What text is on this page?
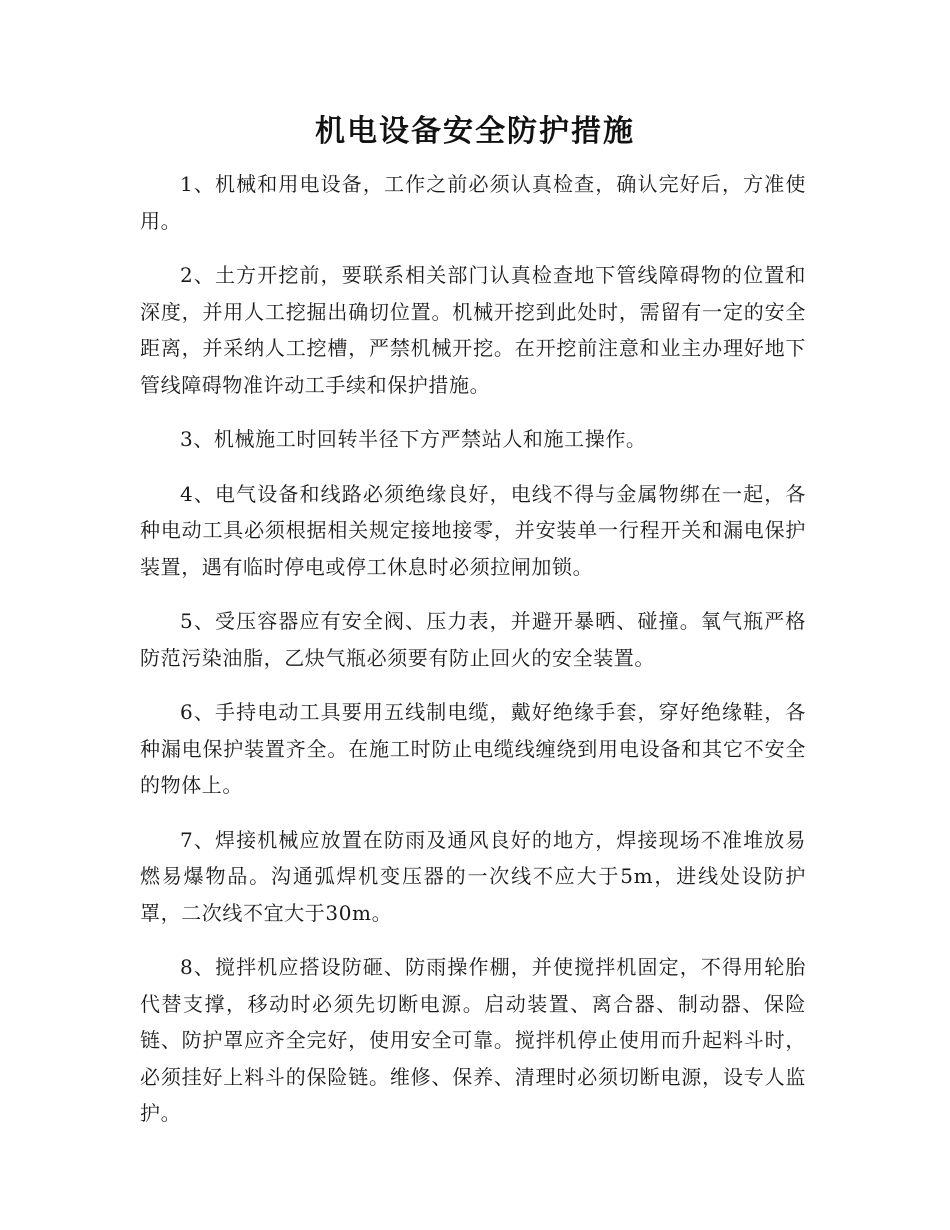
机电设备安全防护措施

1、机械和用电设备，工作之前必须认真检查，确认完好后，方准使用。

2、土方开挖前，要联系相关部门认真检查地下管线障碍物的位置和深度，并用人工挖掘出确切位置。机械开挖到此处时，需留有一定的安全距离，并采纳人工挖槽，严禁机械开挖。在开挖前注意和业主办理好地下管线障碍物准许动工手续和保护措施。

3、机械施工时回转半径下方严禁站人和施工操作。

4、电气设备和线路必须绝缘良好，电线不得与金属物绑在一起，各种电动工具必须根据相关规定接地接零，并安装单一行程开关和漏电保护装置，遇有临时停电或停工休息时必须拉闸加锁。

5、受压容器应有安全阀、压力表，并避开暴晒、碰撞。氧气瓶严格防范污染油脂，乙炔气瓶必须要有防止回火的安全装置。

6、手持电动工具要用五线制电缆，戴好绝缘手套，穿好绝缘鞋，各种漏电保护装置齐全。在施工时防止电缆线缠绕到用电设备和其它不安全的物体上。

7、焊接机械应放置在防雨及通风良好的地方，焊接现场不准堆放易燃易爆物品。沟通弧焊机变压器的一次线不应大于5m，进线处设防护罩，二次线不宜大于30m。

8、搅拌机应搭设防砸、防雨操作棚，并使搅拌机固定，不得用轮胎代替支撑，移动时必须先切断电源。启动装置、离合器、制动器、保险链、防护罩应齐全完好，使用安全可靠。搅拌机停止使用而升起料斗时，必须挂好上料斗的保险链。维修、保养、清理时必须切断电源，设专人监护。
